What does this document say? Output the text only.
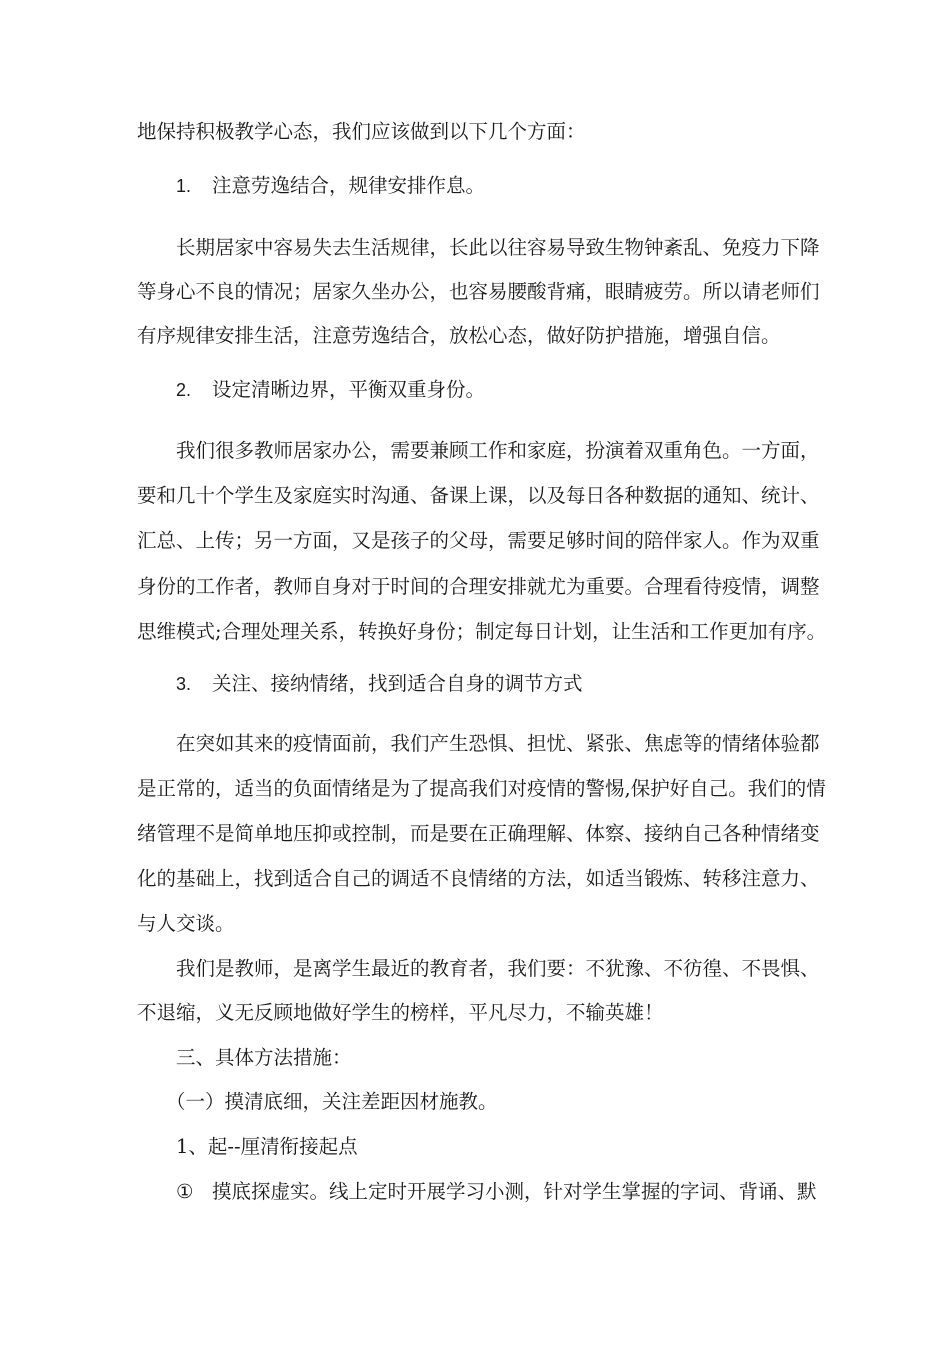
地保持积极教学心态，我们应该做到以下几个方面：
1. 注意劳逸结合，规律安排作息。
长期居家中容易失去生活规律，长此以往容易导致生物钟紊乱、免疫力下降
等身心不良的情况；居家久坐办公，也容易腰酸背痛，眼睛疲劳。所以请老师们
有序规律安排生活，注意劳逸结合，放松心态，做好防护措施，增强自信。
2. 设定清晰边界，平衡双重身份。
我们很多教师居家办公，需要兼顾工作和家庭，扮演着双重角色。一方面，
要和几十个学生及家庭实时沟通、备课上课，以及每日各种数据的通知、统计、
汇总、上传；另一方面，又是孩子的父母，需要足够时间的陪伴家人。作为双重
身份的工作者，教师自身对于时间的合理安排就尤为重要。合理看待疫情，调整
思维模式;合理处理关系，转换好身份；制定每日计划，让生活和工作更加有序。
3. 关注、接纳情绪，找到适合自身的调节方式
在突如其来的疫情面前，我们产生恐惧、担忧、紧张、焦虑等的情绪体验都
是正常的，适当的负面情绪是为了提高我们对疫情的警惕,保护好自己。我们的情
绪管理不是简单地压抑或控制，而是要在正确理解、体察、接纳自己各种情绪变
化的基础上，找到适合自己的调适不良情绪的方法，如适当锻炼、转移注意力、
与人交谈。
我们是教师，是离学生最近的教育者，我们要：不犹豫、不彷徨、不畏惧、
不退缩，义无反顾地做好学生的榜样，平凡尽力，不输英雄！
三、具体方法措施：
（一）摸清底细，关注差距因材施教。
1、起--厘清衔接起点
① 摸底探虚实。线上定时开展学习小测，针对学生掌握的字词、背诵、默
